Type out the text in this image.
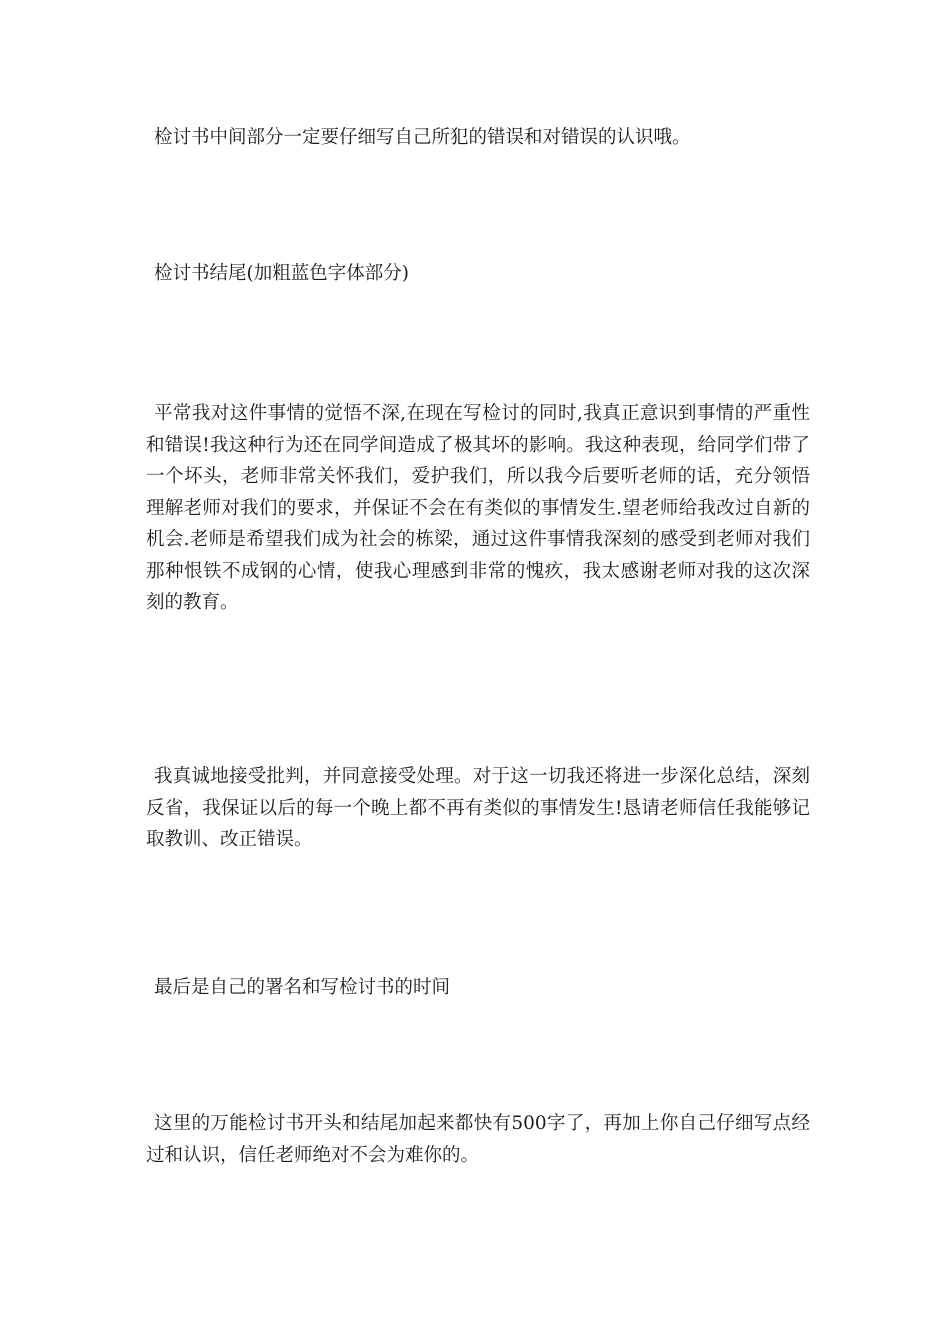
检讨书中间部分一定要仔细写自己所犯的错误和对错误的认识哦。

检讨书结尾(加粗蓝色字体部分)

平常我对这件事情的觉悟不深,在现在写检讨的同时,我真正意识到事情的严重性和错误!我这种行为还在同学间造成了极其坏的影响。我这种表现，给同学们带了一个坏头，老师非常关怀我们，爱护我们，所以我今后要听老师的话，充分领悟理解老师对我们的要求，并保证不会在有类似的事情发生.望老师给我改过自新的机会.老师是希望我们成为社会的栋梁，通过这件事情我深刻的感受到老师对我们那种恨铁不成钢的心情，使我心理感到非常的愧疚，我太感谢老师对我的这次深刻的教育。

我真诚地接受批判，并同意接受处理。对于这一切我还将进一步深化总结，深刻反省，我保证以后的每一个晚上都不再有类似的事情发生!恳请老师信任我能够记取教训、改正错误。

最后是自己的署名和写检讨书的时间

这里的万能检讨书开头和结尾加起来都快有500字了，再加上你自己仔细写点经过和认识，信任老师绝对不会为难你的。
